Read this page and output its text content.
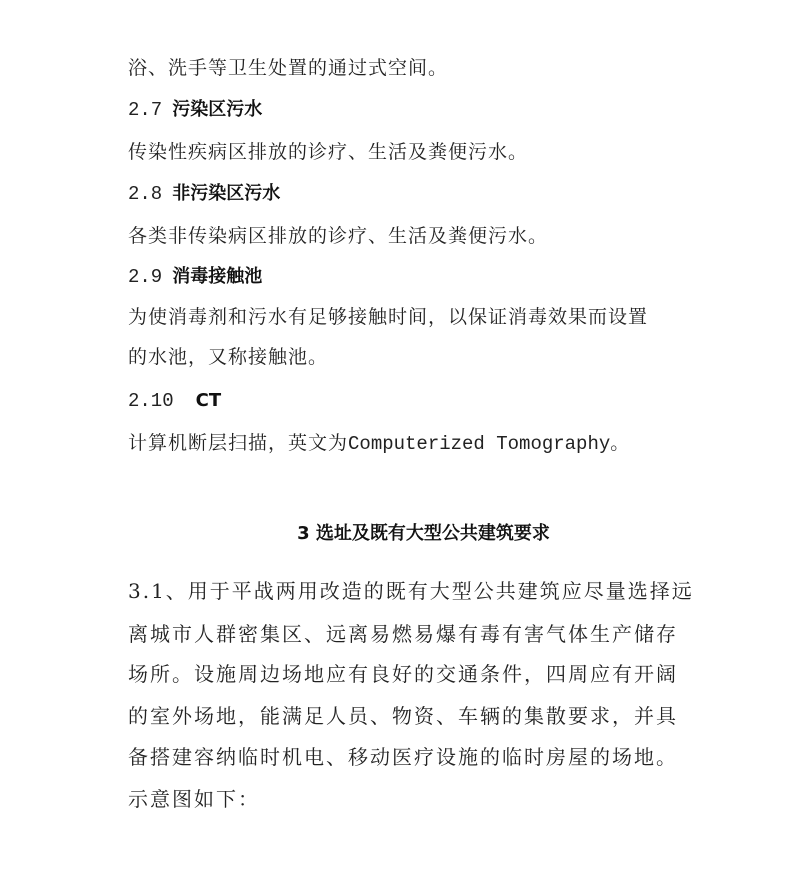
浴、洗手等卫生处置的通过式空间。
2.7 污染区污水
传染性疾病区排放的诊疗、生活及粪便污水。
2.8 非污染区污水
各类非传染病区排放的诊疗、生活及粪便污水。
2.9 消毒接触池
为使消毒剂和污水有足够接触时间，以保证消毒效果而设置
的水池，又称接触池。
2.10 CT
计算机断层扫描，英文为Computerized Tomography。
3 选址及既有大型公共建筑要求
3.1、用于平战两用改造的既有大型公共建筑应尽量选择远
离城市人群密集区、远离易燃易爆有毒有害气体生产储存
场所。设施周边场地应有良好的交通条件，四周应有开阔
的室外场地，能满足人员、物资、车辆的集散要求，并具
备搭建容纳临时机电、移动医疗设施的临时房屋的场地。
示意图如下：
